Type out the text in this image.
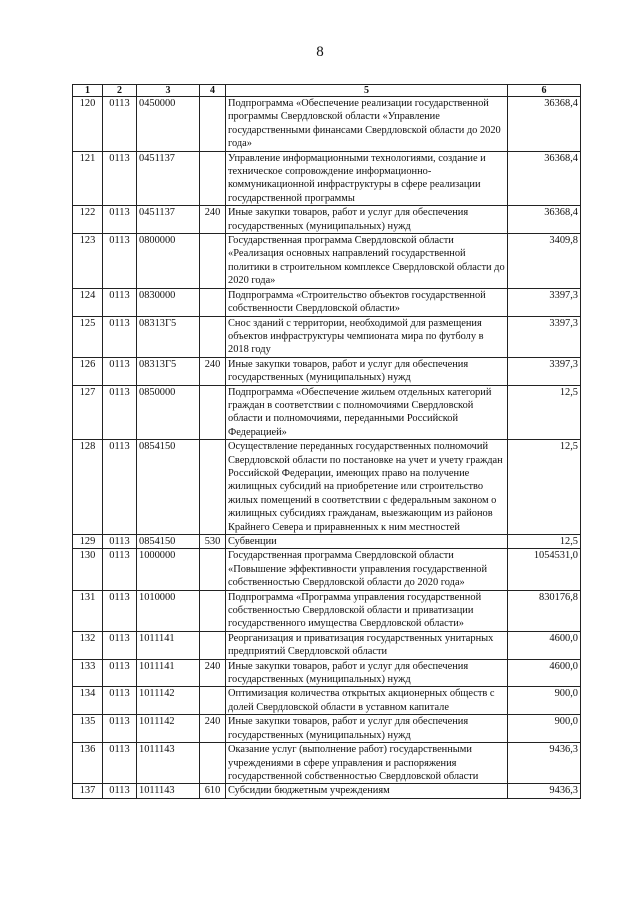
8
1	2	3	4	5	6
120	0113	0450000		Подпрограмма «Обеспечение реализации государственной программы Свердловской области «Управление государственными финансами Свердловской области до 2020 года»	36368,4
121	0113	0451137		Управление информационными технологиями, создание и техническое сопровождение информационно-коммуникационной инфраструктуры в сфере реализации государственной программы	36368,4
122	0113	0451137	240	Иные закупки товаров, работ и услуг для обеспечения государственных (муниципальных) нужд	36368,4
123	0113	0800000		Государственная программа Свердловской области «Реализация основных направлений государственной политики в строительном комплексе Свердловской области до 2020 года»	3409,8
124	0113	0830000		Подпрограмма «Строительство объектов государственной собственности Свердловской области»	3397,3
125	0113	08313Г5		Снос зданий с территории, необходимой для размещения объектов инфраструктуры чемпионата мира по футболу в 2018 году	3397,3
126	0113	08313Г5	240	Иные закупки товаров, работ и услуг для обеспечения государственных (муниципальных) нужд	3397,3
127	0113	0850000		Подпрограмма «Обеспечение жильем отдельных категорий граждан в соответствии с полномочиями Свердловской области и полномочиями, переданными Российской Федерацией»	12,5
128	0113	0854150		Осуществление переданных государственных полномочий Свердловской области по постановке на учет и учету граждан Российской Федерации, имеющих право на получение жилищных субсидий на приобретение или строительство жилых помещений в соответствии с федеральным законом о жилищных субсидиях гражданам, выезжающим из районов Крайнего Севера и приравненных к ним местностей	12,5
129	0113	0854150	530	Субвенции	12,5
130	0113	1000000		Государственная программа Свердловской области «Повышение эффективности управления государственной собственностью Свердловской области до 2020 года»	1054531,0
131	0113	1010000		Подпрограмма «Программа управления государственной собственностью Свердловской области и приватизации государственного имущества Свердловской области»	830176,8
132	0113	1011141		Реорганизация и приватизация государственных унитарных предприятий Свердловской области	4600,0
133	0113	1011141	240	Иные закупки товаров, работ и услуг для обеспечения государственных (муниципальных) нужд	4600,0
134	0113	1011142		Оптимизация количества открытых акционерных обществ с долей Свердловской области в уставном капитале	900,0
135	0113	1011142	240	Иные закупки товаров, работ и услуг для обеспечения государственных (муниципальных) нужд	900,0
136	0113	1011143		Оказание услуг (выполнение работ) государственными учреждениями в сфере управления и распоряжения государственной собственностью Свердловской области	9436,3
137	0113	1011143	610	Субсидии бюджетным учреждениям	9436,3
